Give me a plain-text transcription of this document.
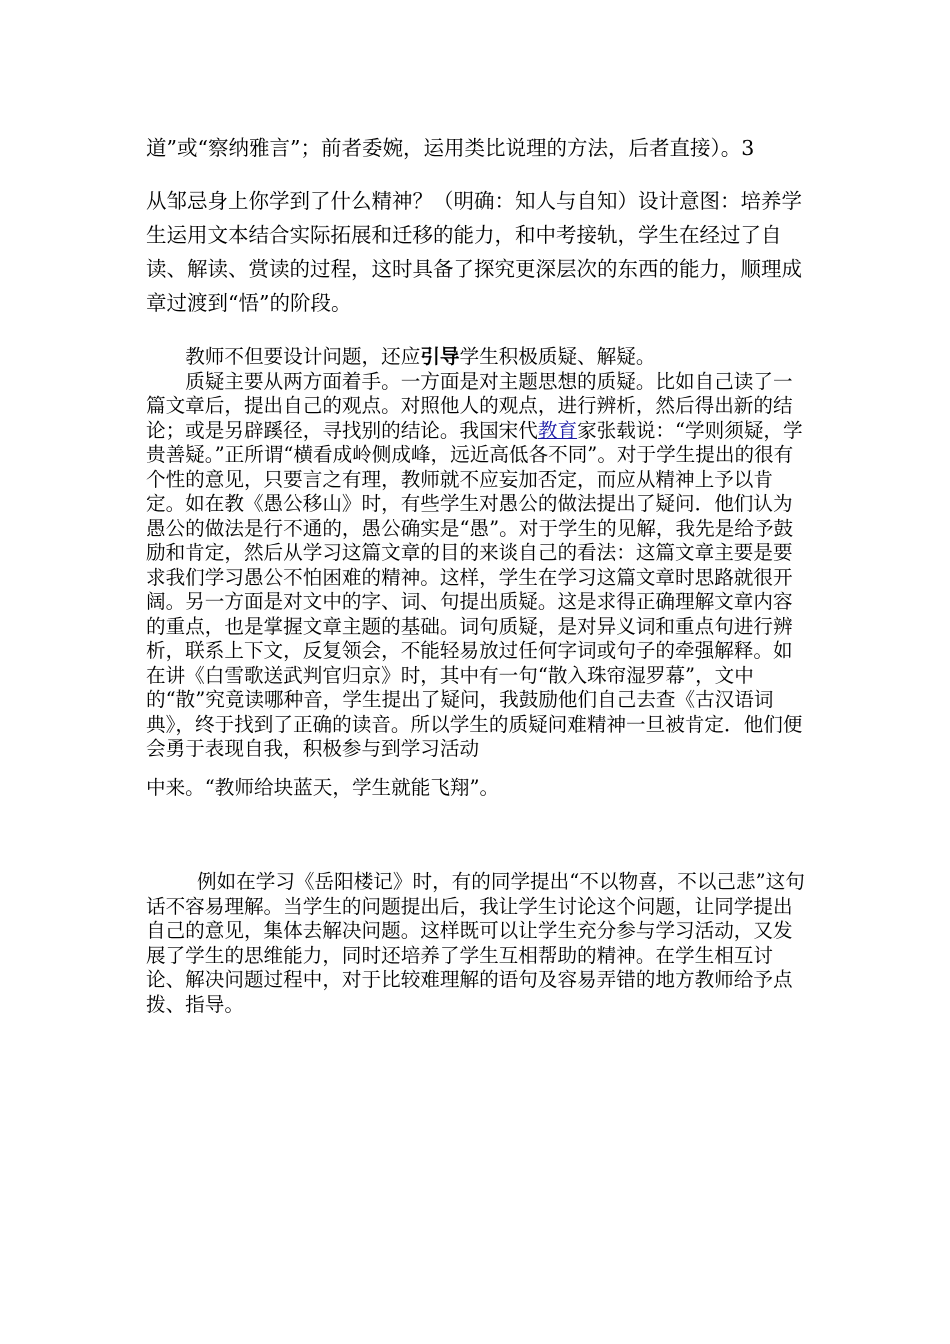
道”或“察纳雅言”；前者委婉，运用类比说理的方法，后者直接）。3
从邹忌身上你学到了什么精神？（明确：知人与自知）设计意图：培养学生运用文本结合实际拓展和迁移的能力，和中考接轨，学生在经过了自读、解读、赏读的过程，这时具备了探究更深层次的东西的能力，顺理成章过渡到“悟”的阶段。

教师不但要设计问题，还应引导学生积极质疑、解疑。

质疑主要从两方面着手。一方面是对主题思想的质疑。比如自己读了一篇文章后，提出自己的观点。对照他人的观点，进行辨析，然后得出新的结论；或是另辟蹊径，寻找别的结论。我国宋代教育家张载说：“学则须疑，学贵善疑。”正所谓“横看成岭侧成峰，远近高低各不同”。对于学生提出的很有个性的意见，只要言之有理，教师就不应妄加否定，而应从精神上予以肯定。如在教《愚公移山》时，有些学生对愚公的做法提出了疑问．他们认为愚公的做法是行不通的，愚公确实是“愚”。对于学生的见解，我先是给予鼓励和肯定，然后从学习这篇文章的目的来谈自己的看法：这篇文章主要是要求我们学习愚公不怕困难的精神。这样，学生在学习这篇文章时思路就很开阔。另一方面是对文中的字、词、句提出质疑。这是求得正确理解文章内容的重点，也是掌握文章主题的基础。词句质疑，是对异义词和重点句进行辨析，联系上下文，反复领会，不能轻易放过任何字词或句子的牵强解释。如在讲《白雪歌送武判官归京》时，其中有一句“散入珠帘湿罗幕”，文中的“散”究竟读哪种音，学生提出了疑问，我鼓励他们自己去查《古汉语词典》，终于找到了正确的读音。所以学生的质疑问难精神一旦被肯定．他们便会勇于表现自我，积极参与到学习活动
中来。“教师给块蓝天，学生就能飞翔”。

例如在学习《岳阳楼记》时，有的同学提出“不以物喜，不以己悲”这句话不容易理解。当学生的问题提出后，我让学生讨论这个问题，让同学提出自己的意见，集体去解决问题。这样既可以让学生充分参与学习活动，又发展了学生的思维能力，同时还培养了学生互相帮助的精神。在学生相互讨论、解决问题过程中，对于比较难理解的语句及容易弄错的地方教师给予点拨、指导。
